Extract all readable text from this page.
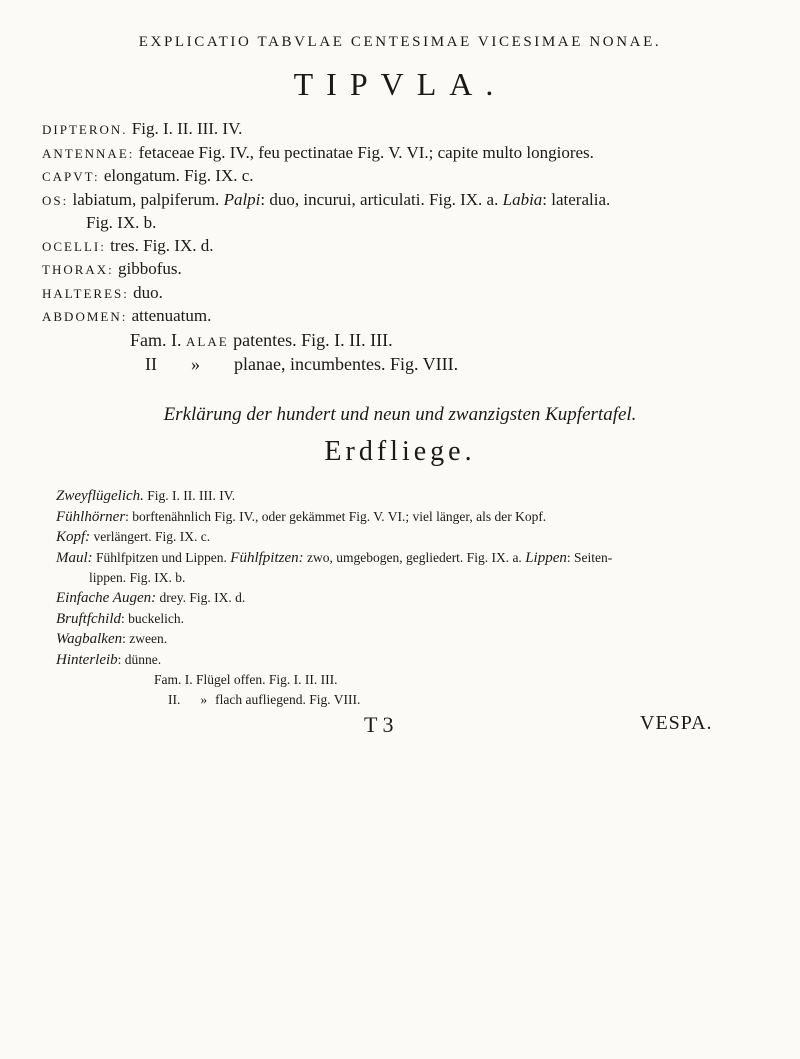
EXPLICATIO TABVLAE CENTESIMAE VICESIMAE NONAE.
TIPVLA.
DIPTERON. Fig. I. II. III. IV.
ANTENNAE: fetaceae Fig. IV., feu pectinatae Fig. V. VI.; capite multo longiores.
CAPVT: elongatum. Fig. IX. c.
OS: labiatum, palpiferum. Palpi: duo, incurui, articulati. Fig. IX. a. Labia: lateralia.
Fig. IX. b.
OCELLI: tres. Fig. IX. d.
THORAX: gibbofus.
HALTERES: duo.
ABDOMEN: attenuatum.
Fam. I. ALAE patentes. Fig. I. II. III.
II » planae, incumbentes. Fig. VIII.
Erklärung der hundert und neun und zwanzigsten Kupfertafel.
Erdfliege.
Zweyflügelich. Fig. I. II. III. IV.
Fühlhörner: borftenähnlich Fig. IV., oder gekämmet Fig. V. VI.; viel länger, als der Kopf.
Kopf: verlängert. Fig. IX. c.
Maul: Fühlfpitzen und Lippen. Fühlfpitzen: zwo, umgebogen, gegliedert. Fig. IX. a. Lippen: Seiten-
lippen. Fig. IX. b.
Einfache Augen: drey. Fig. IX. d.
Bruftfchild: buckelich.
Wagbalken: zween.
Hinterleib: dünne.
Fam. I. Flügel offen. Fig. I. II. III.
II. » flach aufliegend. Fig. VIII.
T 3	VESPA.
